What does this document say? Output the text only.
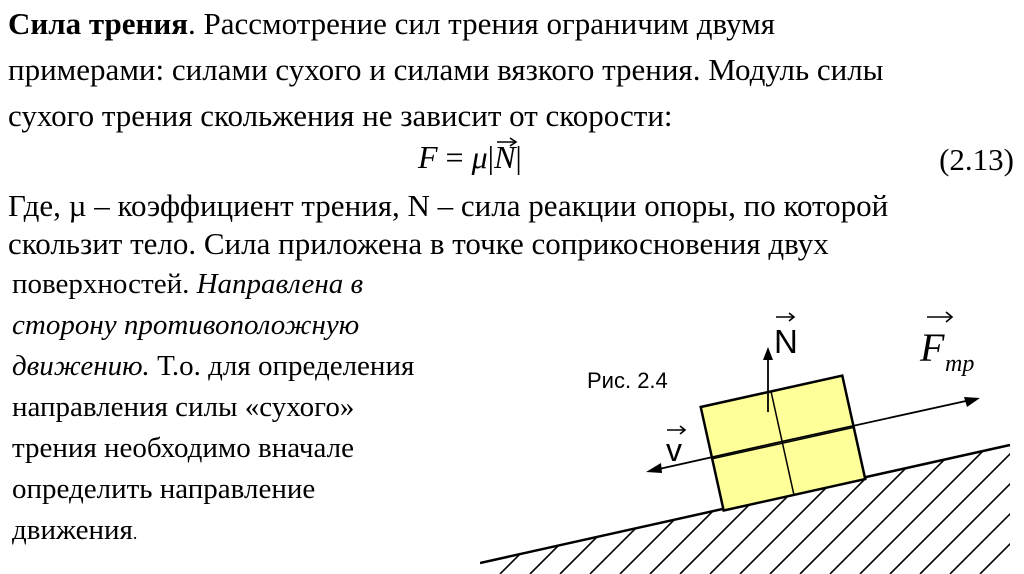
Сила трения. Рассмотрение сил трения ограничим двумя

примерами: силами сухого и силами вязкого трения. Модуль силы

сухого трения скольжения не зависит от скорости:

F = μ|N
|	(2.13)

Где, µ – коэффициент трения, N – сила реакции опоры, по которой

скользит тело. Сила приложена в точке соприкосновения двух

поверхностей. Направлена в
сторону противоположную
движению. Т.о. для определения
направления силы «сухого»
трения необходимо вначале
определить направление
движения.
Рис. 2.4
N	F тр
v
